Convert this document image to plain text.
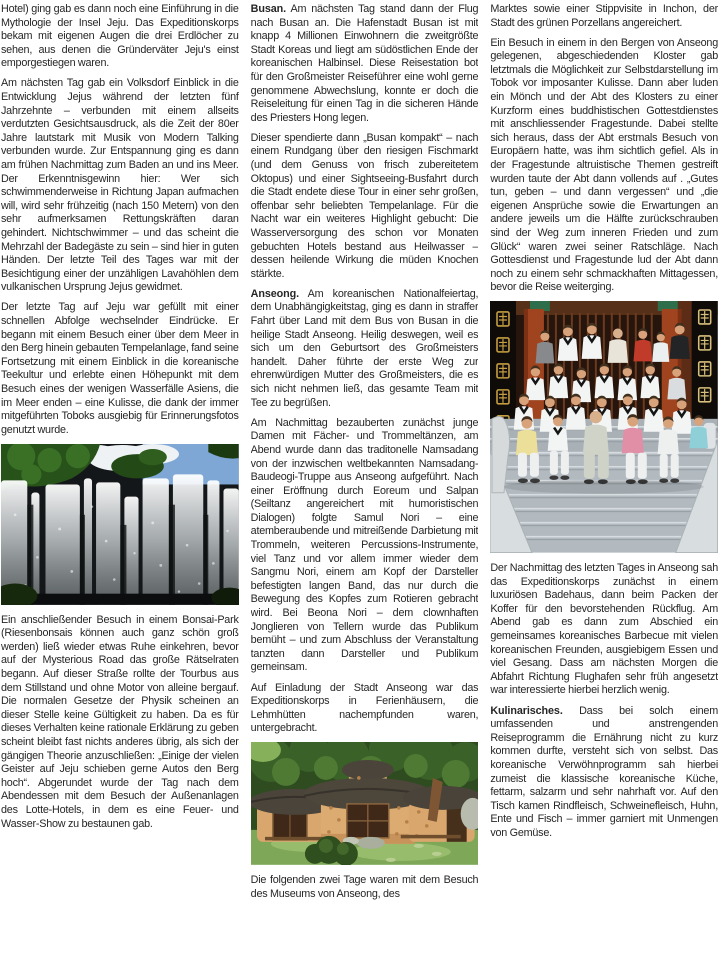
Hotel) ging gab es dann noch eine Einführung in die Mythologie der Insel Jeju. Das Expeditionskorps bekam mit eigenen Augen die drei Erdlöcher zu sehen, aus denen die Gründerväter Jeju's einst emporgestiegen waren.

Am nächsten Tag gab ein Volksdorf Einblick in die Entwicklung Jejus während der letzten fünf Jahrzehnte – verbunden mit einem allseits verdutzten Gesichtsausdruck, als die Zeit der 80er Jahre lautstark mit Musik von Modern Talking verbunden wurde. Zur Entspannung ging es dann am frühen Nachmittag zum Baden an und ins Meer. Der Erkenntnisgewinn hier: Wer sich schwimmenderweise in Richtung Japan aufmachen will, wird sehr frühzeitig (nach 150 Metern) von den sehr aufmerksamen Rettungskräften daran gehindert. Nichtschwimmer – und das scheint die Mehrzahl der Badegäste zu sein – sind hier in guten Händen. Der letzte Teil des Tages war mit der Besichtigung einer der unzähligen Lavahöhlen dem vulkanischen Ursprung Jejus gewidmet.

Der letzte Tag auf Jeju war gefüllt mit einer schnellen Abfolge wechselnder Eindrücke. Er begann mit einem Besuch einer über dem Meer in den Berg hinein gebauten Tempelanlage, fand seine Fortsetzung mit einem Einblick in die koreanische Teekultur und erlebte einen Höhepunkt mit dem Besuch eines der wenigen Wasserfälle Asiens, die im Meer enden – eine Kulisse, die dank der immer mitgeführten Toboks ausgiebig für Erinnerungsfotos genutzt wurde.

Ein anschließender Besuch in einem Bonsai-Park (Riesenbonsais können auch ganz schön groß werden) ließ wieder etwas Ruhe einkehren, bevor auf der Mysterious Road das große Rätselraten begann. Auf dieser Straße rollte der Tourbus aus dem Stillstand und ohne Motor von alleine bergauf. Die normalen Gesetze der Physik scheinen an dieser Stelle keine Gültigkeit zu haben. Da es für dieses Verhalten keine rationale Erklärung zu geben scheint bleibt fast nichts anderes übrig, als sich der gängigen Theorie anzuschließen: „Einige der vielen Geister auf Jeju schieben gerne Autos den Berg hoch“. Abgerundet wurde der Tag nach dem Abendessen mit dem Besuch der Außenanlagen des Lotte-Hotels, in dem es eine Feuer- und Wasser-Show zu bestaunen gab.

Busan. Am nächsten Tag stand dann der Flug nach Busan an. Die Hafenstadt Busan ist mit knapp 4 Millionen Einwohnern die zweitgrößte Stadt Koreas und liegt am südöstlichen Ende der koreanischen Halbinsel. Diese Reisestation bot für den Großmeister Reiseführer eine wohl gerne genommene Abwechslung, konnte er doch die Reiseleitung für einen Tag in die sicheren Hände des Priesters Hong legen.

Dieser spendierte dann „Busan kompakt“ – nach einem Rundgang über den riesigen Fischmarkt (und dem Genuss von frisch zubereitetem Oktopus) und einer Sightseeing-Busfahrt durch die Stadt endete diese Tour in einer sehr großen, offenbar sehr beliebten Tempelanlage. Für die Nacht war ein weiteres Highlight gebucht: Die Wasserversorgung des schon vor Monaten gebuchten Hotels bestand aus Heilwasser – dessen heilende Wirkung die müden Knochen stärkte.

Anseong. Am koreanischen Nationalfeiertag, dem Unabhängigkeitstag, ging es dann in straffer Fahrt über Land mit dem Bus von Busan in die heilige Stadt Anseong. Heilig deswegen, weil es sich um den Geburtsort des Großmeisters handelt. Daher führte der erste Weg zur ehrenwürdigen Mutter des Großmeisters, die es sich nicht nehmen ließ, das gesamte Team mit Tee zu begrüßen.

Am Nachmittag bezauberten zunächst junge Damen mit Fächer- und Trommeltänzen, am Abend wurde dann das traditonelle Namsadang von der inzwischen weltbekannten Namsadang-Baudeogi-Truppe aus Anseong aufgeführt. Nach einer Eröffnung durch Eoreum und Salpan (Seiltanz angereichert mit humoristischen Dialogen) folgte Samul Nori – eine atemberaubende und mitreißende Darbietung mit Trommeln, weiteren Percussions-Instrumente, viel Tanz und vor allem immer wieder dem Sangmu Nori, einem am Kopf der Darsteller befestigten langen Band, das nur durch die Bewegung des Kopfes zum Rotieren gebracht wird. Bei Beona Nori – dem clownhaften Jonglieren von Tellern wurde das Publikum bemüht – und zum Abschluss der Veranstaltung tanzten dann Darsteller und Publikum gemeinsam.

Auf Einladung der Stadt Anseong war das Expeditionskorps in Ferienhäusern, die Lehmhütten nachempfunden waren, untergebracht.

Die folgenden zwei Tage waren mit dem Besuch des Museums von Anseong, des

Marktes sowie einer Stippvisite in Inchon, der Stadt des grünen Porzellans angereichert.

Ein Besuch in einem in den Bergen von Anseong gelegenen, abgeschiedenden Kloster gab letztmals die Möglichkeit zur Selbstdarstellung im Tobok vor imposanter Kulisse. Dann aber luden ein Mönch und der Abt des Klosters zu einer Kurzform eines buddhistischen Gottestdienstes mit anschliessender Fragestunde. Dabei stellte sich heraus, dass der Abt erstmals Besuch von Europäern hatte, was ihm sichtlich gefiel. Als in der Fragestunde altruistische Themen gestreift wurden taute der Abt dann vollends auf . „Gutes tun, geben – und dann vergessen“ und „die eigenen Ansprüche sowie die Erwartungen an andere jeweils um die Hälfte zurückschrauben sind der Weg zum inneren Frieden und zum Glück“ waren zwei seiner Ratschläge. Nach Gottesdienst und Fragestunde lud der Abt dann noch zu einem sehr schmackhaften Mittagessen, bevor die Reise weiterging.

Der Nachmittag des letzten Tages in Anseong sah das Expeditionskorps zunächst in einem luxuriösen Badehaus, dann beim Packen der Koffer für den bevorstehenden Rückflug. Am Abend gab es dann zum Abschied ein gemeinsames koreanisches Barbecue mit vielen koreanischen Freunden, ausgiebigem Essen und viel Gesang. Dass am nächsten Morgen die Abfahrt Richtung Flughafen sehr früh angesetzt war interessierte hierbei herzlich wenig.

Kulinarisches. Dass bei solch einem umfassenden und anstrengenden Reiseprogramm die Ernährung nicht zu kurz kommen durfte, versteht sich von selbst. Das koreanische Verwöhnprogramm sah hierbei zumeist die klassische koreanische Küche, fettarm, salzarm und sehr nahrhaft vor. Auf den Tisch kamen Rindfleisch, Schweinefleisch, Huhn, Ente und Fisch – immer garniert mit Unmengen von Gemüse.
